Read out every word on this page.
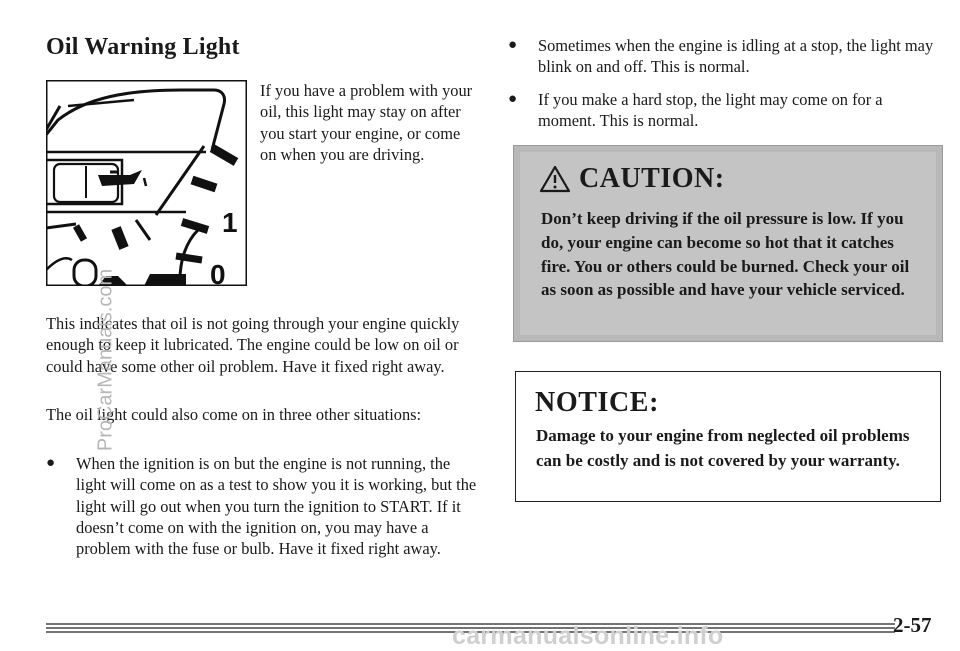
Oil Warning Light
1
0
If you have a problem with your oil, this light may stay on after you start your engine, or come on when you are driving.
This indicates that oil is not going through your engine quickly enough to keep it lubricated. The engine could be low on oil or could have some other oil problem. Have it fixed right away.
The oil light could also come on in three other situations:
● When the ignition is on but the engine is not running, the light will come on as a test to show you it is working, but the light will go out when you turn the ignition to START. If it doesn’t come on with the ignition on, you may have a problem with the fuse or bulb. Have it fixed right away.
● Sometimes when the engine is idling at a stop, the light may blink on and off. This is normal.
● If you make a hard stop, the light may come on for a moment. This is normal.
CAUTION:
Don’t keep driving if the oil pressure is low. If you do, your engine can become so hot that it catches fire. You or others could be burned. Check your oil as soon as possible and have your vehicle serviced.
NOTICE:
Damage to your engine from neglected oil problems can be costly and is not covered by your warranty.
2-57
ProCarManuals.com
carmanualsonline.info
